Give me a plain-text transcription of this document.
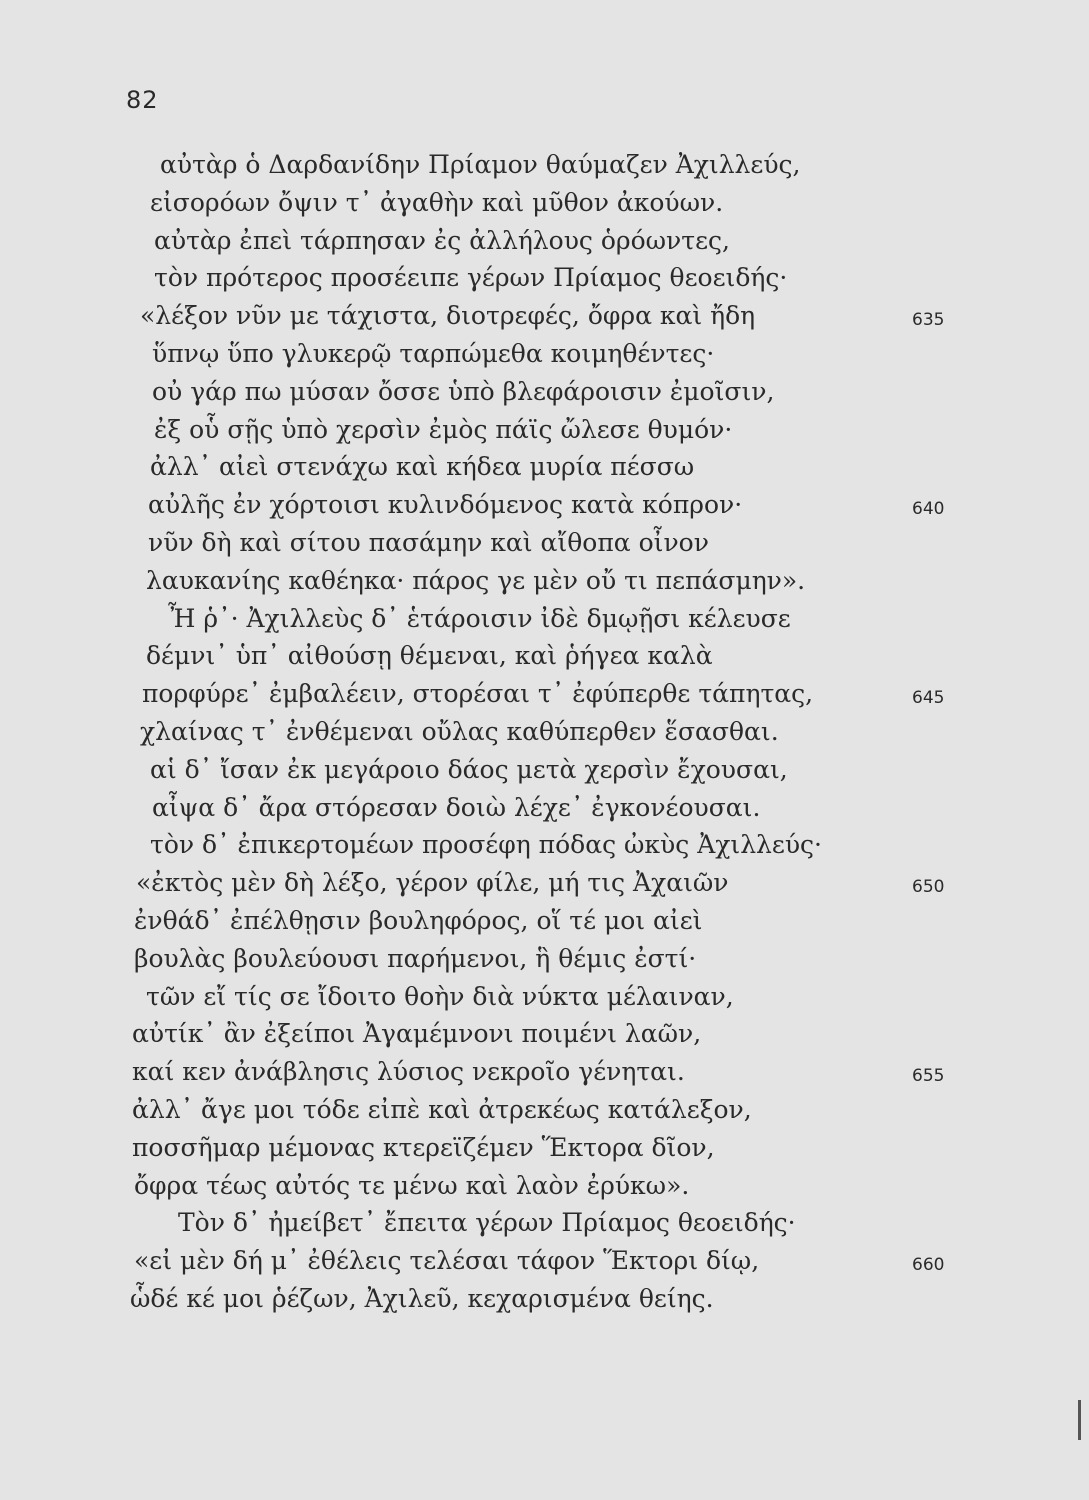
82
αὐτὰρ ὁ Δαρδανίδην Πρίαμον θαύμαζεν Ἀχιλλεύς,
εἰσορόων ὄψιν τ᾽ ἀγαθὴν καὶ μῦθον ἀκούων.
αὐτὰρ ἐπεὶ τάρπησαν ἐς ἀλλήλους ὁρόωντες,
τὸν πρότερος προσέειπε γέρων Πρίαμος θεοειδής·
«λέξον νῦν με τάχιστα, διοτρεφές, ὄφρα καὶ ἤδη	635
ὕπνῳ ὕπο γλυκερῷ ταρπώμεθα κοιμηθέντες·
οὐ γάρ πω μύσαν ὄσσε ὑπὸ βλεφάροισιν ἐμοῖσιν,
ἐξ οὗ σῇς ὑπὸ χερσὶν ἐμὸς πάϊς ὤλεσε θυμόν·
ἀλλ᾽ αἰεὶ στενάχω καὶ κήδεα μυρία πέσσω
αὐλῆς ἐν χόρτοισι κυλινδόμενος κατὰ κόπρον·	640
νῦν δὴ καὶ σίτου πασάμην καὶ αἴθοπα οἶνον
λαυκανίης καθέηκα· πάρος γε μὲν οὔ τι πεπάσμην».
Ἦ ῥ᾽· Ἀχιλλεὺς δ᾽ ἑτάροισιν ἰδὲ δμῳῇσι κέλευσε
δέμνι᾽ ὑπ᾽ αἰθούσῃ θέμεναι, καὶ ῥήγεα καλὰ
πορφύρε᾽ ἐμβαλέειν, στορέσαι τ᾽ ἐφύπερθε τάπητας,	645
χλαίνας τ᾽ ἐνθέμεναι οὔλας καθύπερθεν ἕσασθαι.
αἱ δ᾽ ἴσαν ἐκ μεγάροιο δάος μετὰ χερσὶν ἔχουσαι,
αἶψα δ᾽ ἄρα στόρεσαν δοιὼ λέχε᾽ ἐγκονέουσαι.
τὸν δ᾽ ἐπικερτομέων προσέφη πόδας ὠκὺς Ἀχιλλεύς·
«ἐκτὸς μὲν δὴ λέξο, γέρον φίλε, μή τις Ἀχαιῶν	650
ἐνθάδ᾽ ἐπέλθῃσιν βουληφόρος, οἵ τέ μοι αἰεὶ
βουλὰς βουλεύουσι παρήμενοι, ἣ θέμις ἐστί·
τῶν εἴ τίς σε ἴδοιτο θοὴν διὰ νύκτα μέλαιναν,
αὐτίκ᾽ ἂν ἐξείποι Ἀγαμέμνονι ποιμένι λαῶν,
καί κεν ἀνάβλησις λύσιος νεκροῖο γένηται.	655
ἀλλ᾽ ἄγε μοι τόδε εἰπὲ καὶ ἀτρεκέως κατάλεξον,
ποσσῆμαρ μέμονας κτερεϊζέμεν Ἕκτορα δῖον,
ὄφρα τέως αὐτός τε μένω καὶ λαὸν ἐρύκω».
Τὸν δ᾽ ἠμείβετ᾽ ἔπειτα γέρων Πρίαμος θεοειδής·
«εἰ μὲν δή μ᾽ ἐθέλεις τελέσαι τάφον Ἕκτορι δίῳ,	660
ὧδέ κέ μοι ῥέζων, Ἀχιλεῦ, κεχαρισμένα θείης.
